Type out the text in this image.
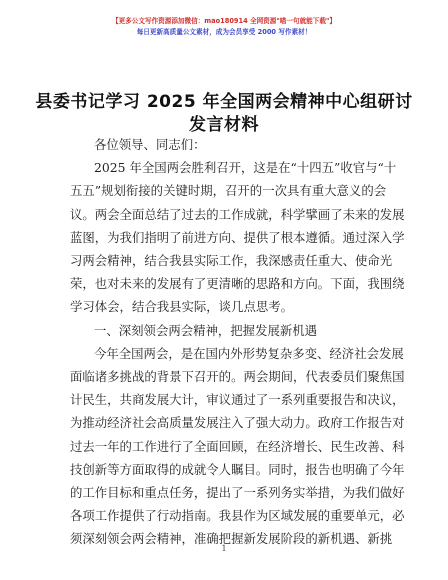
【更多公文写作资源添加微信：mao180914 全网资源"喵一句就能下载"】
每日更新高质量公文素材，成为会员享受 2000 写作素材！
县委书记学习 2025 年全国两会精神中心组研讨
发言材料

各位领导、同志们：

2025 年全国两会胜利召开，这是在“十四五”收官与“十

五五”规划衔接的关键时期，召开的一次具有重大意义的会

议。两会全面总结了过去的工作成就，科学擘画了未来的发展

蓝图，为我们指明了前进方向、提供了根本遵循。通过深入学

习两会精神，结合我县实际工作，我深感责任重大、使命光

荣，也对未来的发展有了更清晰的思路和方向。下面，我围绕

学习体会，结合我县实际，谈几点思考。

一、深刻领会两会精神，把握发展新机遇

今年全国两会，是在国内外形势复杂多变、经济社会发展

面临诸多挑战的背景下召开的。两会期间，代表委员们聚焦国

计民生，共商发展大计，审议通过了一系列重要报告和决议，

为推动经济社会高质量发展注入了强大动力。政府工作报告对

过去一年的工作进行了全面回顾，在经济增长、民生改善、科

技创新等方面取得的成就令人瞩目。同时，报告也明确了今年

的工作目标和重点任务，提出了一系列务实举措，为我们做好

各项工作提供了行动指南。我县作为区域发展的重要单元，必

须深刻领会两会精神，准确把握新发展阶段的新机遇、新挑

1
